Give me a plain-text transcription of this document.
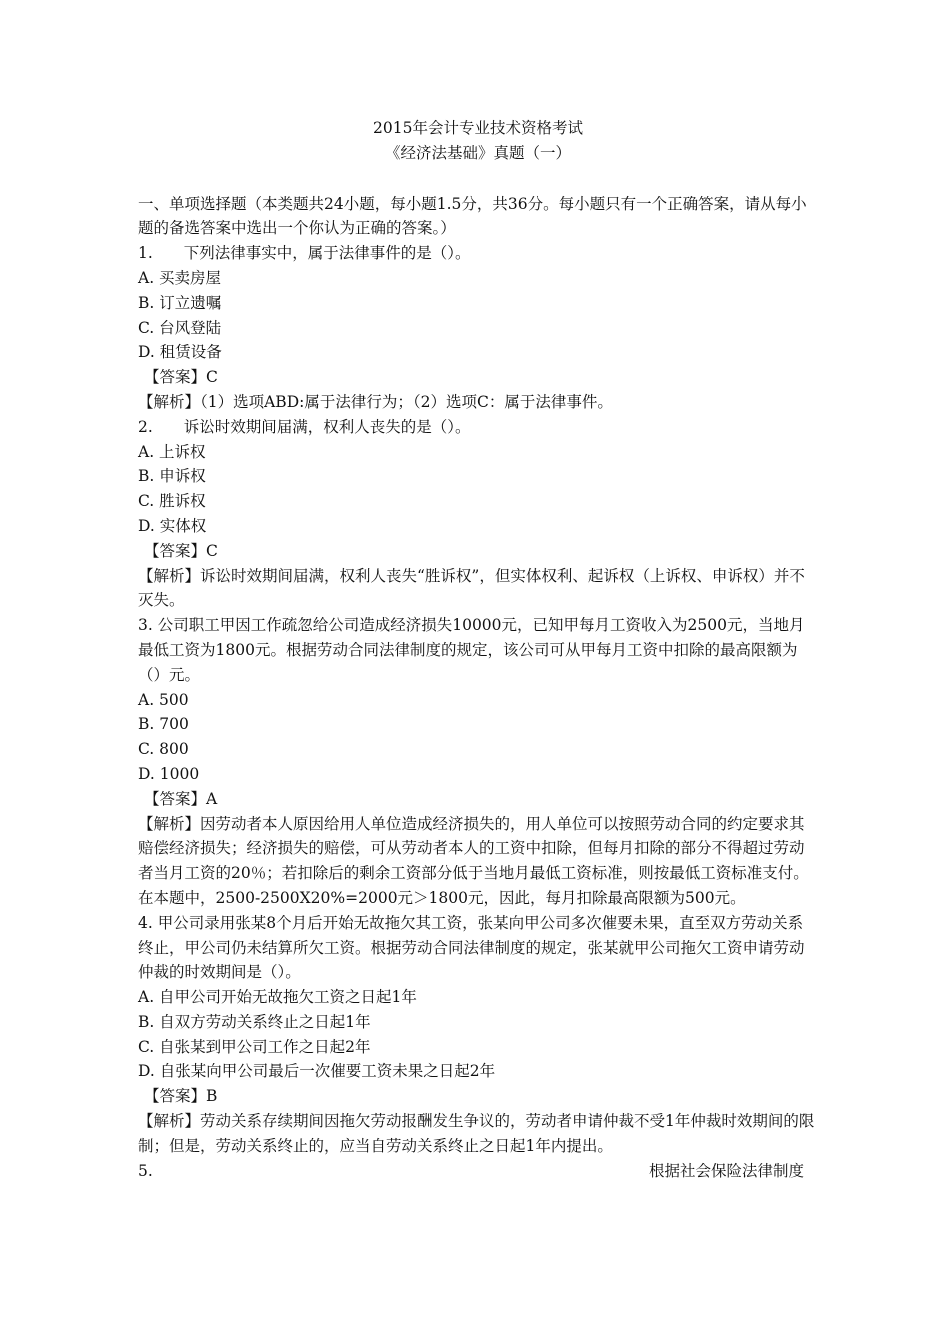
2015年会计专业技术资格考试
《经济法基础》真题（一）
一、单项选择题（本类题共24小题，每小题1.5分，共36分。每小题只有一个正确答案，请从每小题的备选答案中选出一个你认为正确的答案。）
1.　　下列法律事实中，属于法律事件的是（）。
A. 买卖房屋
B. 订立遗嘱
C. 台风登陆
D. 租赁设备
【答案】C
【解析】（1）选项ABD:属于法律行为；（2）选项C：属于法律事件。
2.　　诉讼时效期间届满，权利人丧失的是（）。
A. 上诉权
B. 申诉权
C. 胜诉权
D. 实体权
【答案】C
【解析】诉讼时效期间届满，权利人丧失“胜诉权”，但实体权利、起诉权（上诉权、申诉权）并不灭失。
3. 公司职工甲因工作疏忽给公司造成经济损失10000元，已知甲每月工资收入为2500元，当地月最低工资为1800元。根据劳动合同法律制度的规定，该公司可从甲每月工资中扣除的最高限额为（）元。
A. 500
B. 700
C. 800
D. 1000
【答案】A
【解析】因劳动者本人原因给用人单位造成经济损失的，用人单位可以按照劳动合同的约定要求其赔偿经济损失；经济损失的赔偿，可从劳动者本人的工资中扣除，但每月扣除的部分不得超过劳动者当月工资的20％；若扣除后的剩余工资部分低于当地月最低工资标准，则按最低工资标准支付。在本题中，2500-2500X20%=2000元＞1800元，因此，每月扣除最高限额为500元。
4. 甲公司录用张某8个月后开始无故拖欠其工资，张某向甲公司多次催要未果，直至双方劳动关系终止，甲公司仍未结算所欠工资。根据劳动合同法律制度的规定，张某就甲公司拖欠工资申请劳动仲裁的时效期间是（）。
A. 自甲公司开始无故拖欠工资之日起1年
B. 自双方劳动关系终止之日起1年
C. 自张某到甲公司工作之日起2年
D. 自张某向甲公司最后一次催要工资未果之日起2年
【答案】B
【解析】劳动关系存续期间因拖欠劳动报酬发生争议的，劳动者申请仲裁不受1年仲裁时效期间的限制；但是，劳动关系终止的，应当自劳动关系终止之日起1年内提出。
5.	根据社会保险法律制度
